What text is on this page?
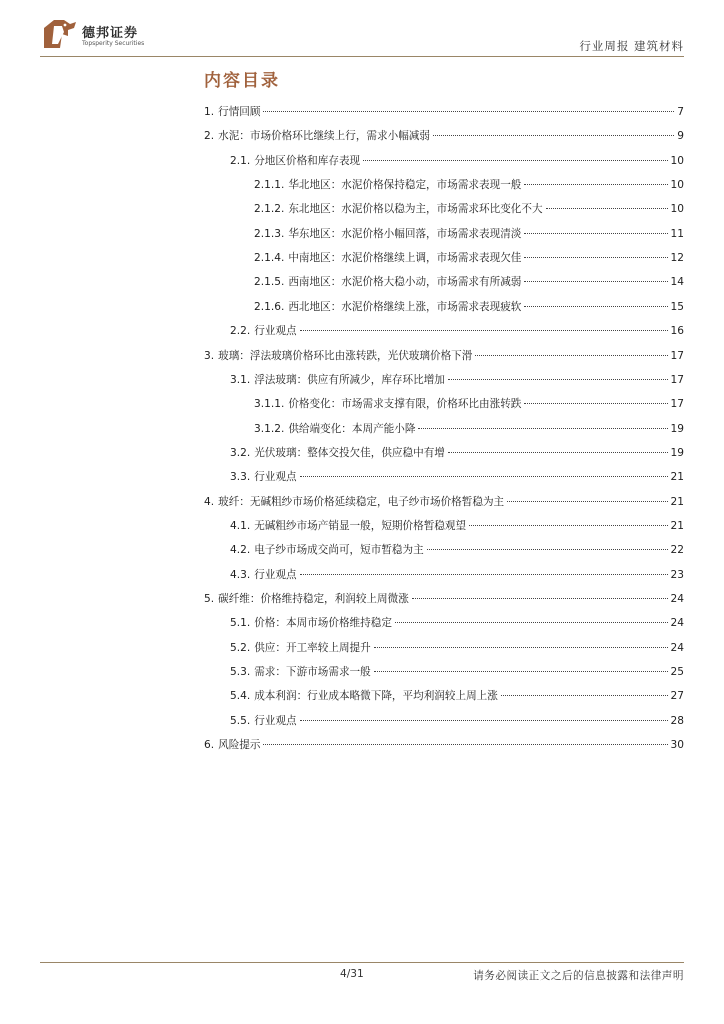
德邦证券
Topsperity Securities	行业周报 建筑材料
内容目录
1. 行情回顾	7
2. 水泥：市场价格环比继续上行，需求小幅减弱	9
2.1. 分地区价格和库存表现	10
2.1.1. 华北地区：水泥价格保持稳定，市场需求表现一般	10
2.1.2. 东北地区：水泥价格以稳为主，市场需求环比变化不大	10
2.1.3. 华东地区：水泥价格小幅回落，市场需求表现清淡	11
2.1.4. 中南地区：水泥价格继续上调，市场需求表现欠佳	12
2.1.5. 西南地区：水泥价格大稳小动，市场需求有所减弱	14
2.1.6. 西北地区：水泥价格继续上涨，市场需求表现疲软	15
2.2. 行业观点	16
3. 玻璃：浮法玻璃价格环比由涨转跌，光伏玻璃价格下滑	17
3.1. 浮法玻璃：供应有所减少，库存环比增加	17
3.1.1. 价格变化：市场需求支撑有限，价格环比由涨转跌	17
3.1.2. 供给端变化：本周产能小降	19
3.2. 光伏玻璃：整体交投欠佳，供应稳中有增	19
3.3. 行业观点	21
4. 玻纤：无碱粗纱市场价格延续稳定，电子纱市场价格暂稳为主	21
4.1. 无碱粗纱市场产销显一般，短期价格暂稳观望	21
4.2. 电子纱市场成交尚可，短市暂稳为主	22
4.3. 行业观点	23
5. 碳纤维：价格维持稳定，利润较上周微涨	24
5.1. 价格：本周市场价格维持稳定	24
5.2. 供应：开工率较上周提升	24
5.3. 需求：下游市场需求一般	25
5.4. 成本利润：行业成本略微下降，平均利润较上周上涨	27
5.5. 行业观点	28
6. 风险提示	30
4/31	请务必阅读正文之后的信息披露和法律声明
